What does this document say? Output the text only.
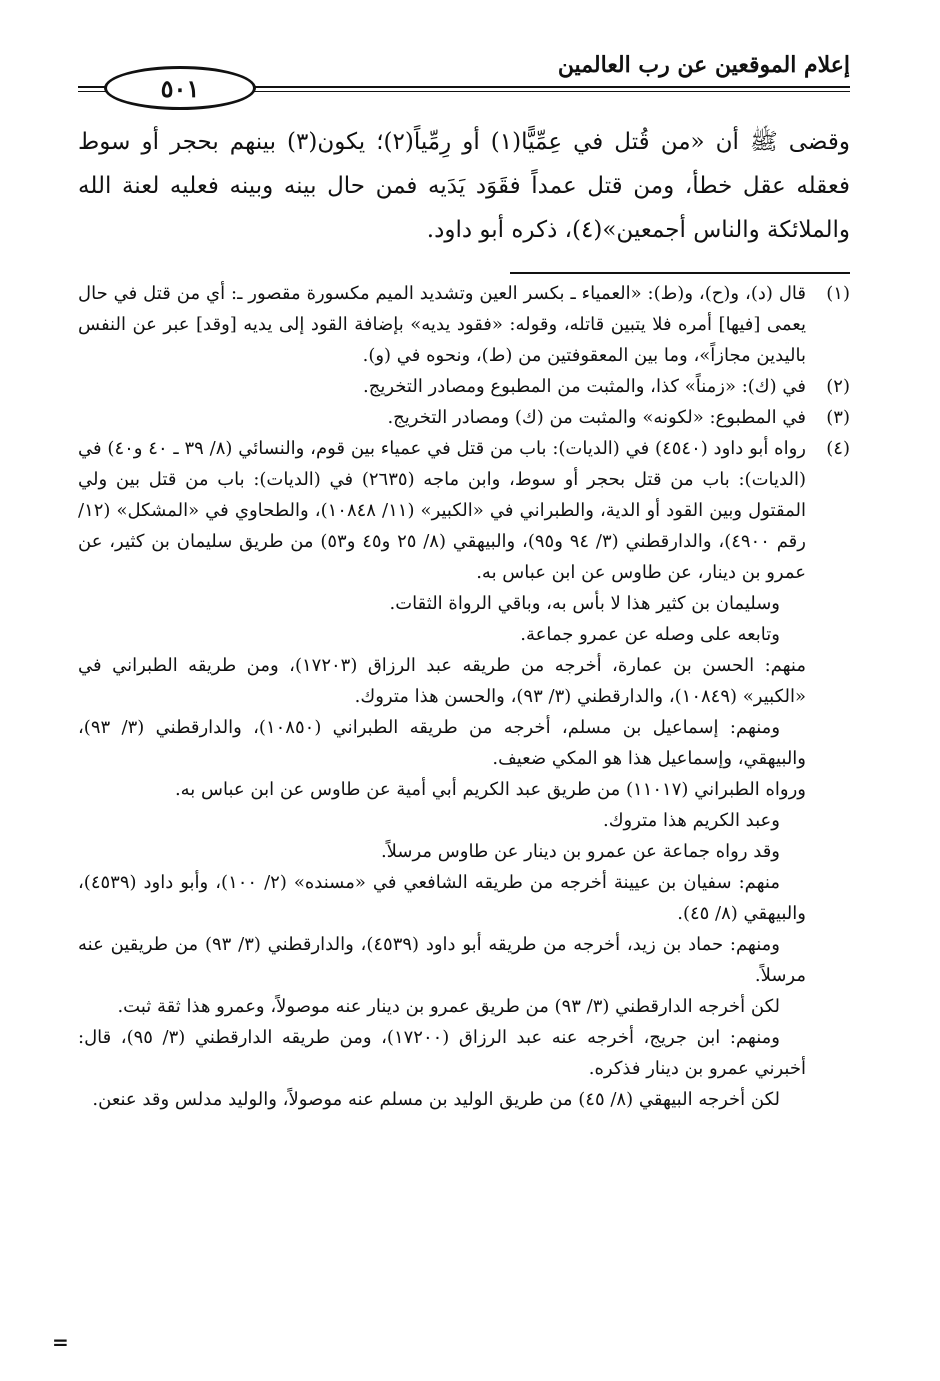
إعلام الموقعين عن رب العالمين
٥٠١

وقضى ﷺ أن «من قُتل في عِمِّيًّا(١) أو رِمِّياً(٢)؛ يكون(٣) بينهم بحجر أو سوط فعقله عقل خطأ، ومن قتل عمداً فقَوَد يَدَيه فمن حال بينه وبينه فعليه لعنة الله والملائكة والناس أجمعين»(٤)، ذكره أبو داود.

(١)
قال (د)، و(ح)، و(ط): «العمياء ـ بكسر العين وتشديد الميم مكسورة مقصور ـ: أي من قتل في حال يعمى [فيها] أمره فلا يتبين قاتله، وقوله: «فقود يديه» بإضافة القود إلى يديه [وقد] عبر عن النفس باليدين مجازاً»، وما بين المعقوفتين من (ط)، ونحوه في (و).
(٢)
في (ك): «زمناً» كذا، والمثبت من المطبوع ومصادر التخريج.
(٣)
في المطبوع: «لكونه» والمثبت من (ك) ومصادر التخريج.
(٤)

رواه أبو داود (٤٥٤٠) في (الديات): باب من قتل في عمياء بين قوم، والنسائي (٨/ ٣٩ ـ ٤٠ و٤٠) في (الديات): باب من قتل بحجر أو سوط، وابن ماجه (٢٦٣٥) في (الديات): باب من قتل بين ولي المقتول وبين القود أو الدية، والطبراني في «الكبير» (١١/ ١٠٨٤٨)، والطحاوي في «المشكل» (١٢/رقم ٤٩٠٠)، والدارقطني (٣/ ٩٤ و٩٥)، والبيهقي (٨/ ٢٥ و٤٥ و٥٣) من طريق سليمان بن كثير، عن عمرو بن دينار، عن طاوس عن ابن عباس به.

وسليمان بن كثير هذا لا بأس به، وباقي الرواة الثقات.

وتابعه على وصله عن عمرو جماعة.

منهم: الحسن بن عمارة، أخرجه من طريقه عبد الرزاق (١٧٢٠٣)، ومن طريقه الطبراني في «الكبير» (١٠٨٤٩)، والدارقطني (٣/ ٩٣)، والحسن هذا متروك.

ومنهم: إسماعيل بن مسلم، أخرجه من طريقه الطبراني (١٠٨٥٠)، والدارقطني (٣/ ٩٣)، والبيهقي، وإسماعيل هذا هو المكي ضعيف.

ورواه الطبراني (١١٠١٧) من طريق عبد الكريم أبي أمية عن طاوس عن ابن عباس به.

وعبد الكريم هذا متروك.

وقد رواه جماعة عن عمرو بن دينار عن طاوس مرسلاً.

منهم: سفيان بن عيينة أخرجه من طريقه الشافعي في «مسنده» (٢/ ١٠٠)، وأبو داود (٤٥٣٩)، والبيهقي (٨/ ٤٥).

ومنهم: حماد بن زيد، أخرجه من طريقه أبو داود (٤٥٣٩)، والدارقطني (٣/ ٩٣) من طريقين عنه مرسلاً.

لكن أخرجه الدارقطني (٣/ ٩٣) من طريق عمرو بن دينار عنه موصولاً، وعمرو هذا ثقة ثبت.

ومنهم: ابن جريج، أخرجه عنه عبد الرزاق (١٧٢٠٠)، ومن طريقه الدارقطني (٣/ ٩٥)، قال: أخبرني عمرو بن دينار فذكره.

لكن أخرجه البيهقي (٨/ ٤٥) من طريق الوليد بن مسلم عنه موصولاً، والوليد مدلس وقد عنعن.

=
